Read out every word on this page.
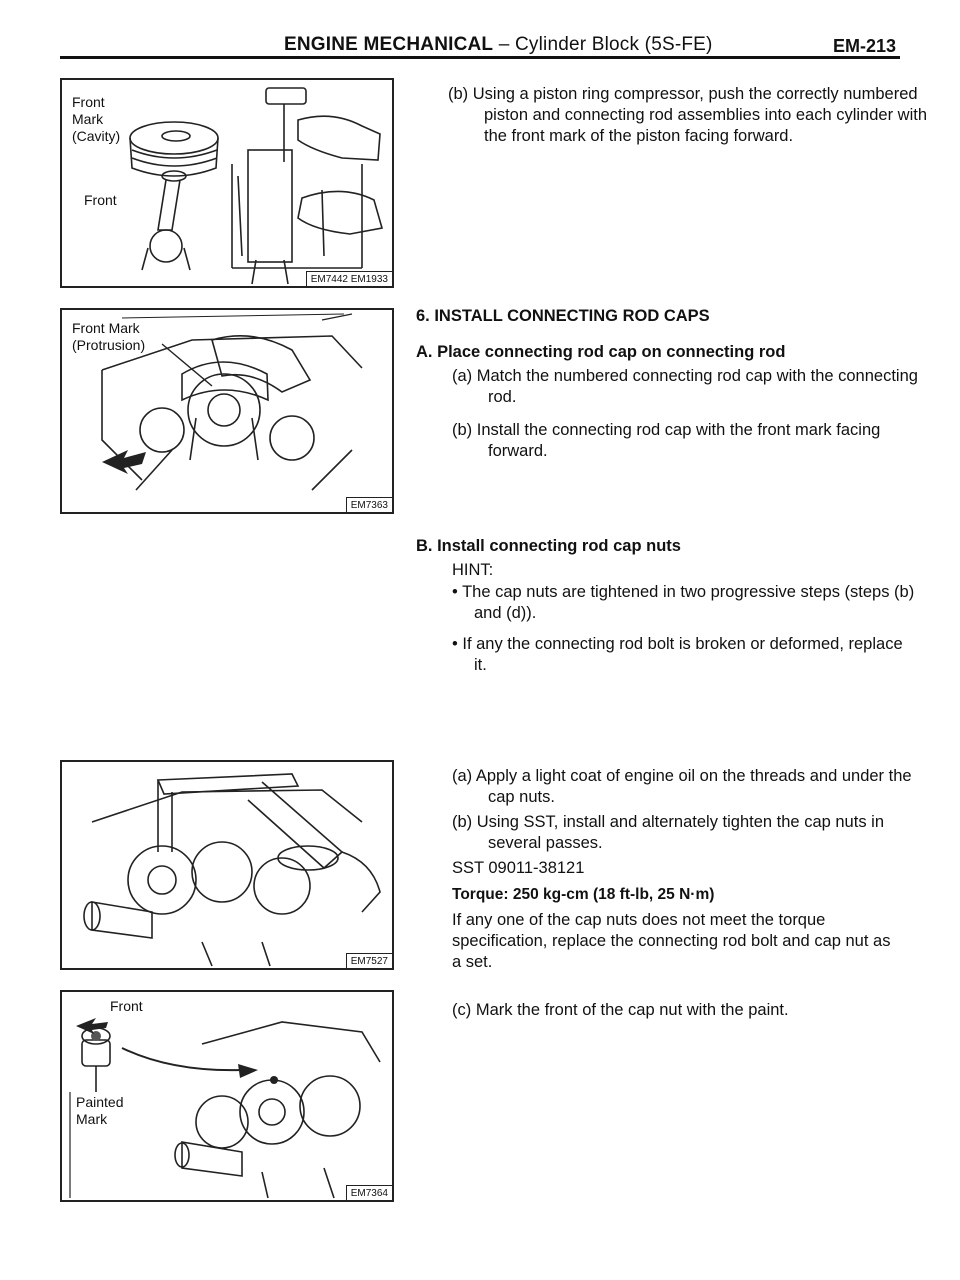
ENGINE MECHANICAL – Cylinder Block (5S-FE)	EM-213
Front
Mark
(Cavity)
Front
EM7442 EM1933
Front Mark
(Protrusion)
EM7363
EM7527
Front
Painted
Mark
EM7364
(b) Using a piston ring compressor, push the correctly numbered piston and connecting rod assemblies into each cylinder with the front mark of the piston facing forward.
6. INSTALL CONNECTING ROD CAPS
A. Place connecting rod cap on connecting rod
(a) Match the numbered connecting rod cap with the connecting rod.
(b) Install the connecting rod cap with the front mark facing forward.
B. Install connecting rod cap nuts
HINT:
• The cap nuts are tightened in two progressive steps (steps (b) and (d)).
• If any the connecting rod bolt is broken or deformed, replace it.
(a) Apply a light coat of engine oil on the threads and under the cap nuts.
(b) Using SST, install and alternately tighten the cap nuts in several passes.
SST 09011-38121
Torque: 250 kg-cm (18 ft-lb, 25 N·m)
If any one of the cap nuts does not meet the torque specification, replace the connecting rod bolt and cap nut as a set.
(c) Mark the front of the cap nut with the paint.
